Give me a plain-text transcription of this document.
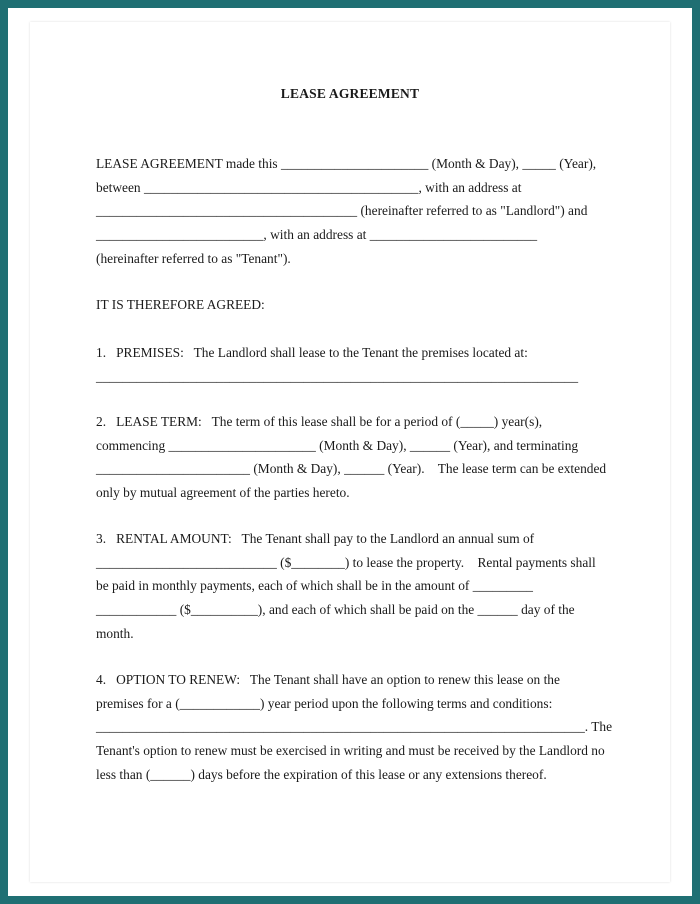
LEASE AGREEMENT
LEASE AGREEMENT made this ______________________ (Month & Day), _____ (Year),
between _________________________________________, with an address at
_______________________________________ (hereinafter referred to as "Landlord") and
_________________________, with an address at _________________________
(hereinafter referred to as "Tenant").
IT IS THEREFORE AGREED:
1.   PREMISES:   The Landlord shall lease to the Tenant the premises located at:
________________________________________________________________________
2.   LEASE TERM:   The term of this lease shall be for a period of (_____) year(s),
commencing ______________________ (Month & Day), ______ (Year), and terminating
_______________________ (Month & Day), ______ (Year).    The lease term can be extended
only by mutual agreement of the parties hereto.
3.   RENTAL AMOUNT:   The Tenant shall pay to the Landlord an annual sum of
___________________________ ($________) to lease the property.    Rental payments shall
be paid in monthly payments, each of which shall be in the amount of _________
____________ ($__________), and each of which shall be paid on the ______ day of the
month.
4.   OPTION TO RENEW:   The Tenant shall have an option to renew this lease on the
premises for a (____________) year period upon the following terms and conditions:
_________________________________________________________________________. The
Tenant's option to renew must be exercised in writing and must be received by the Landlord no
less than (______) days before the expiration of this lease or any extensions thereof.
